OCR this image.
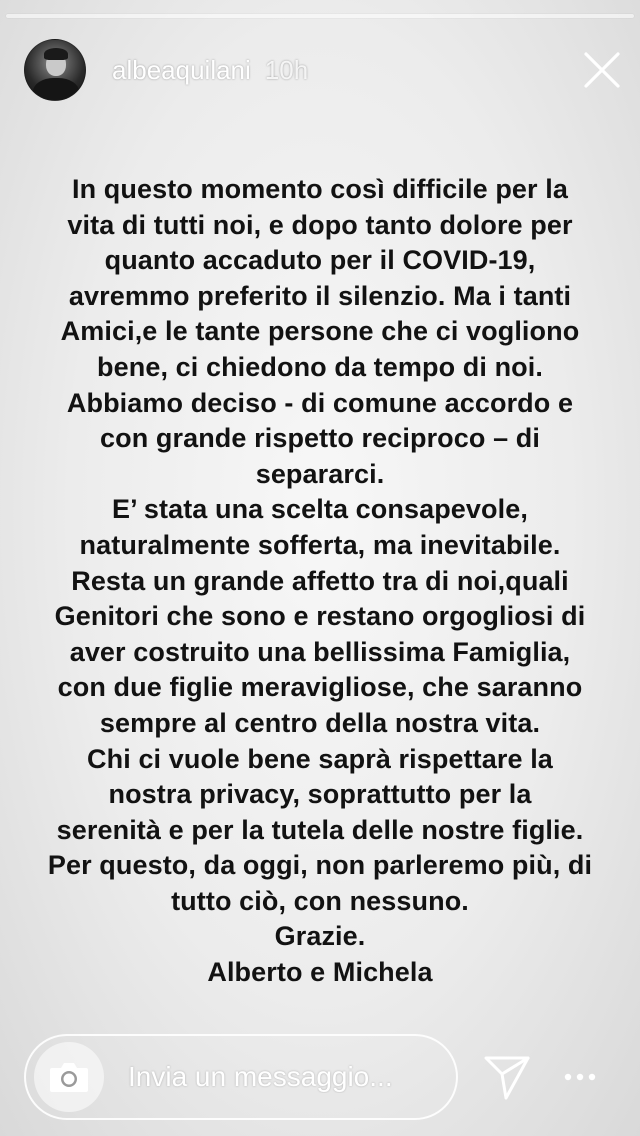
albeaquilani 10h
In questo momento così difficile per la
vita di tutti noi, e dopo tanto dolore per
quanto accaduto per il COVID-19,
avremmo preferito il silenzio. Ma i tanti
Amici,e le tante persone che ci vogliono
bene, ci chiedono da tempo di noi.
Abbiamo deciso - di comune accordo e
con grande rispetto reciproco – di
separarci.
E’ stata una scelta consapevole,
naturalmente sofferta, ma inevitabile.
Resta un grande affetto tra di noi,quali
Genitori che sono e restano orgogliosi di
aver costruito una bellissima Famiglia,
con due figlie meravigliose, che saranno
sempre al centro della nostra vita.
Chi ci vuole bene saprà rispettare la
nostra privacy, soprattutto per la
serenità e per la tutela delle nostre figlie.
Per questo, da oggi, non parleremo più, di
tutto ciò, con nessuno.
Grazie.
Alberto e Michela
Invia un messaggio...
